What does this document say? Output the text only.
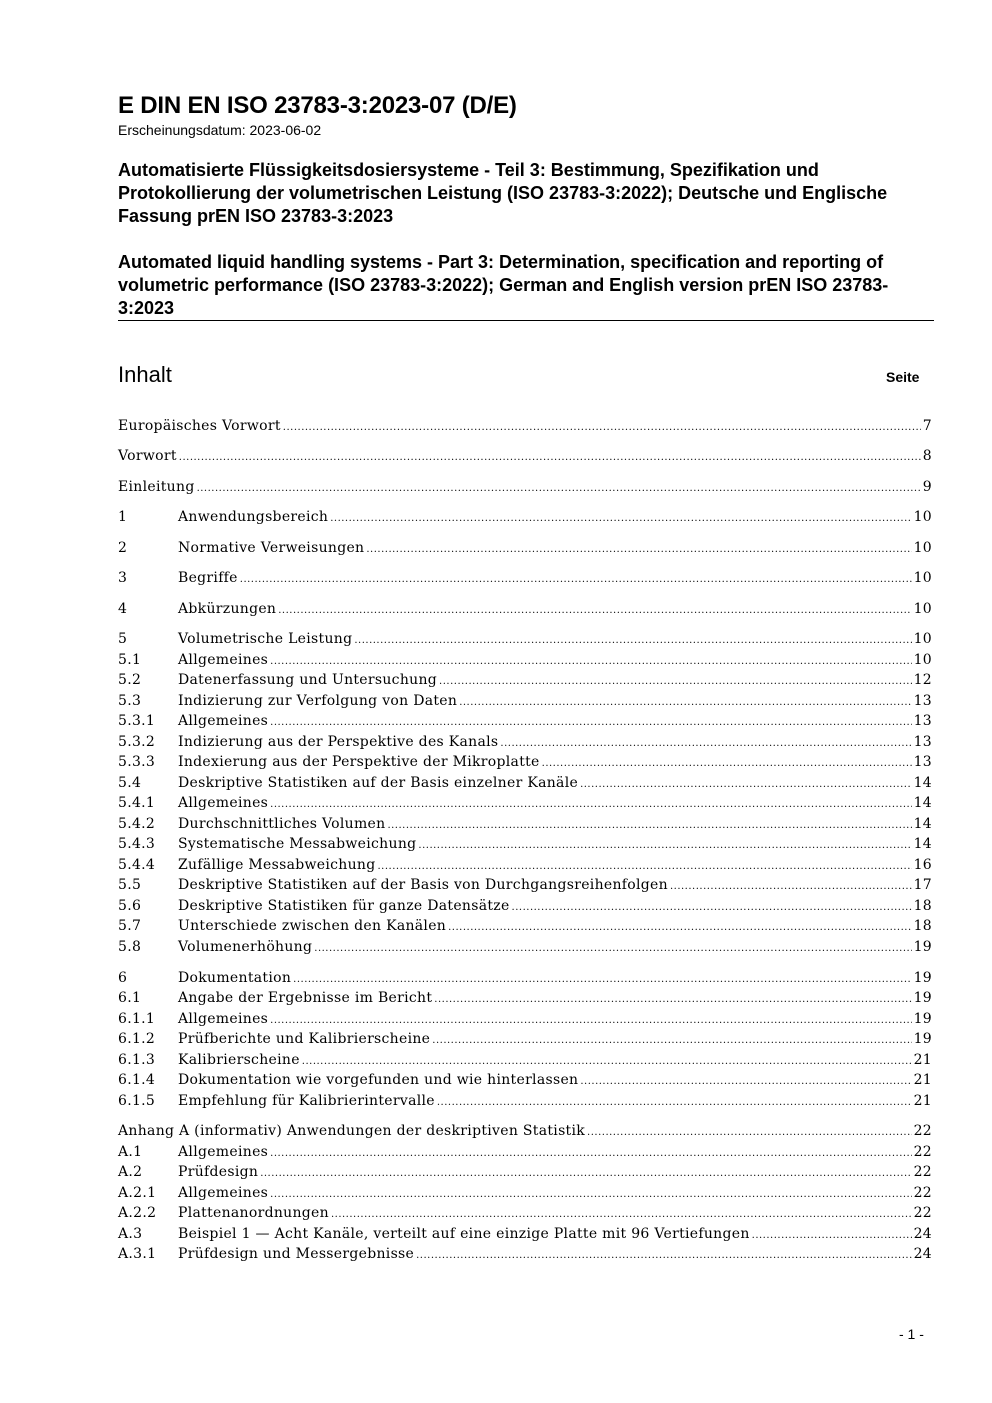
E DIN EN ISO 23783-3:2023-07 (D/E)
Erscheinungsdatum: 2023-06-02
Automatisierte Flüssigkeitsdosiersysteme - Teil 3: Bestimmung, Spezifikation und Protokollierung der volumetrischen Leistung (ISO 23783-3:2022); Deutsche und Englische Fassung prEN ISO 23783-3:2023
Automated liquid handling systems - Part 3: Determination, specification and reporting of volumetric performance (ISO 23783-3:2022); German and English version prEN ISO 23783-3:2023
Inhalt	Seite
Europäisches Vorwort .....	7
Vorwort .....	8
Einleitung .....	9
1	Anwendungsbereich .....	10
2	Normative Verweisungen .....	10
3	Begriffe .....	10
4	Abkürzungen .....	10
5	Volumetrische Leistung .....	10
5.1	Allgemeines .....	10
5.2	Datenerfassung und Untersuchung .....	12
5.3	Indizierung zur Verfolgung von Daten .....	13
5.3.1	Allgemeines .....	13
5.3.2	Indizierung aus der Perspektive des Kanals .....	13
5.3.3	Indexierung aus der Perspektive der Mikroplatte .....	13
5.4	Deskriptive Statistiken auf der Basis einzelner Kanäle .....	14
5.4.1	Allgemeines .....	14
5.4.2	Durchschnittliches Volumen .....	14
5.4.3	Systematische Messabweichung .....	14
5.4.4	Zufällige Messabweichung .....	16
5.5	Deskriptive Statistiken auf der Basis von Durchgangsreihenfolgen .....	17
5.6	Deskriptive Statistiken für ganze Datensätze .....	18
5.7	Unterschiede zwischen den Kanälen .....	18
5.8	Volumenerhöhung .....	19
6	Dokumentation .....	19
6.1	Angabe der Ergebnisse im Bericht .....	19
6.1.1	Allgemeines .....	19
6.1.2	Prüfberichte und Kalibrierscheine .....	19
6.1.3	Kalibrierscheine .....	21
6.1.4	Dokumentation wie vorgefunden und wie hinterlassen .....	21
6.1.5	Empfehlung für Kalibrierintervalle .....	21
Anhang A (informativ) Anwendungen der deskriptiven Statistik .....	22
A.1	Allgemeines .....	22
A.2	Prüfdesign .....	22
A.2.1	Allgemeines .....	22
A.2.2	Plattenanordnungen .....	22
A.3	Beispiel 1 — Acht Kanäle, verteilt auf eine einzige Platte mit 96 Vertiefungen .....	24
A.3.1	Prüfdesign und Messergebnisse .....	24
- 1 -
